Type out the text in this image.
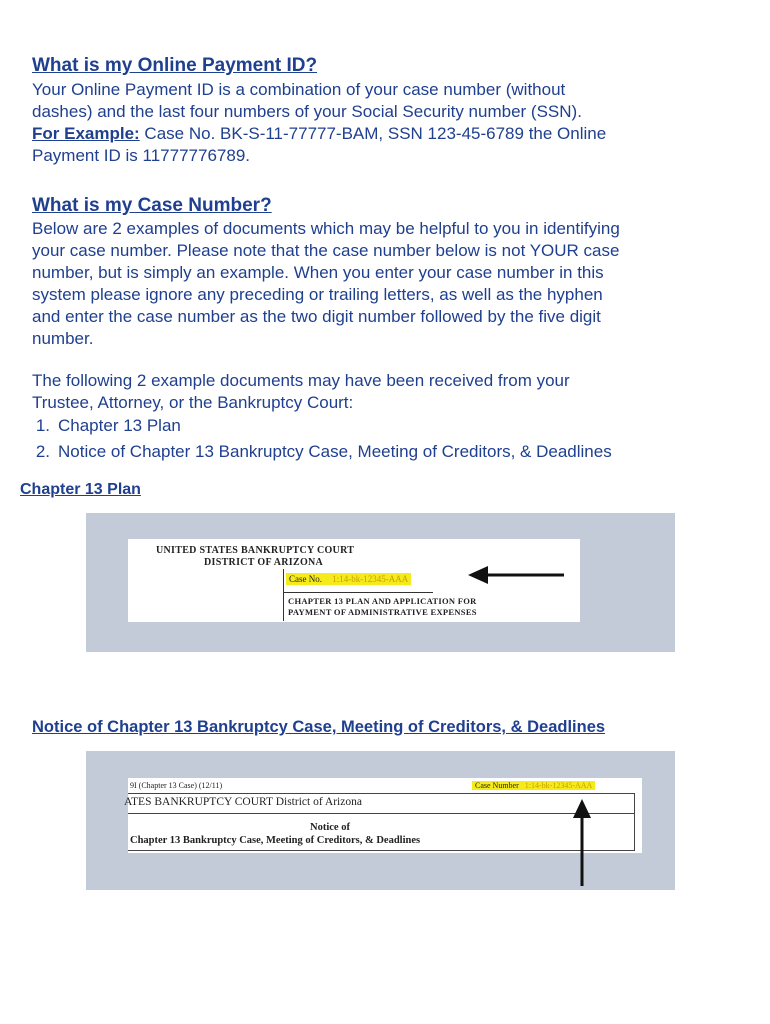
What is my Online Payment ID?

Your Online Payment ID is a combination of your case number (without
dashes) and the last four numbers of your Social Security number (SSN).
For Example: Case No. BK-S-11-77777-BAM, SSN 123-45-6789 the Online
Payment ID is 11777776789.

What is my Case Number?

Below are 2 examples of documents which may be helpful to you in identifying
your case number. Please note that the case number below is not YOUR case
number, but is simply an example. When you enter your case number in this
system please ignore any preceding or trailing letters, as well as the hyphen
and enter the case number as the two digit number followed by the five digit
number.

The following 2 example documents may have been received from your
Trustee, Attorney, or the Bankruptcy Court:

1. Chapter 13 Plan
2. Notice of Chapter 13 Bankruptcy Case, Meeting of Creditors, & Deadlines
Chapter 13 Plan
UNITED STATES BANKRUPTCY COURT
DISTRICT OF ARIZONA
Case No. 1:14-bk-12345-AAA
CHAPTER 13 PLAN AND APPLICATION FOR
PAYMENT OF ADMINISTRATIVE EXPENSES
Notice of Chapter 13 Bankruptcy Case, Meeting of Creditors, & Deadlines
9I (Chapter 13 Case) (12/11)	Case Number 1:14-bk-12345-AAA
ATES BANKRUPTCY COURT District of Arizona
Notice of
Chapter 13 Bankruptcy Case, Meeting of Creditors, & Deadlines
